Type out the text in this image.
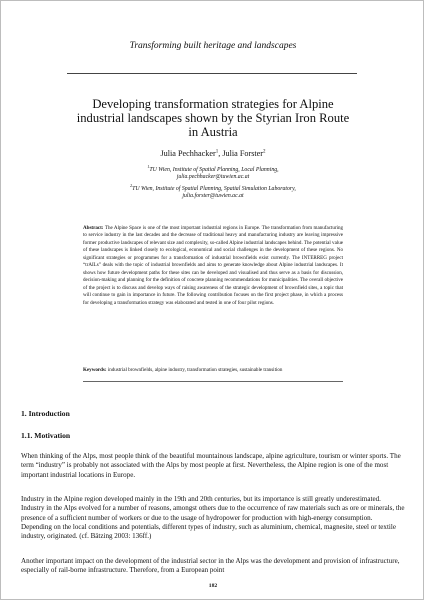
Transforming built heritage and landscapes
Developing transformation strategies for Alpine industrial landscapes shown by the Styrian Iron Route in Austria
Julia Pechhacker$^1$, Julia Forster$^2$
$^1$TU Wien, Institute of Spatial Planning, Local Planning,
julia.pechhacker@tuwien.ac.at
$^2$TU Wien, Institute of Spatial Planning, Spatial Simulation Laboratory,
julia.forster@tuwien.ac.at
Abstract: The Alpine Space is one of the most important industrial regions in Europe. The transformation from manufacturing to service industry in the last decades and the decrease of traditional heavy and manufacturing industry are leaving impressive former productive landscapes of relevant size and complexity, so-called Alpine industrial landscapes behind. The potential value of these landscapes is linked closely to ecological, economical and social challenges in the development of these regions. No significant strategies or programmes for a transformation of industrial brownfields exist currently. The INTERREG project “trAILs” deals with the topic of industrial brownfields and aims to generate knowledge about Alpine industrial landscapes. It shows how future development paths for these sites can be developed and visualised and thus serve as a basis for discussion, decision-making and planning for the definition of concrete planning recommendations for municipalities. The overall objective of the project is to discuss and develop ways of raising awareness of the strategic development of brownfield sites, a topic that will continue to gain in importance in future. The following contribution focuses on the first project phase, in which a process for developing a transformation strategy was elaborated and tested in one of four pilot regions.
Keywords: industrial brownfields, alpine industry, transformation strategies, sustainable transition
1. Introduction
1.1. Motivation
When thinking of the Alps, most people think of the beautiful mountainous landscape, alpine agriculture, tourism or winter sports. The term “industry” is probably not associated with the Alps by most people at first. Nevertheless, the Alpine region is one of the most important industrial locations in Europe.
Industry in the Alpine region developed mainly in the 19th and 20th centuries, but its importance is still greatly underestimated. Industry in the Alps evolved for a number of reasons, amongst others due to the occurrence of raw materials such as ore or minerals, the presence of a sufficient number of workers or due to the usage of hydropower for production with high-energy consumption. Depending on the local conditions and potentials, different types of industry, such as aluminium, chemical, magnesite, steel or textile industry, originated. (cf. Bätzing 2003: 136ff.)
Another important impact on the development of the industrial sector in the Alps was the development and provision of infrastructure, especially of rail-borne infrastructure. Therefore, from a European point
182
